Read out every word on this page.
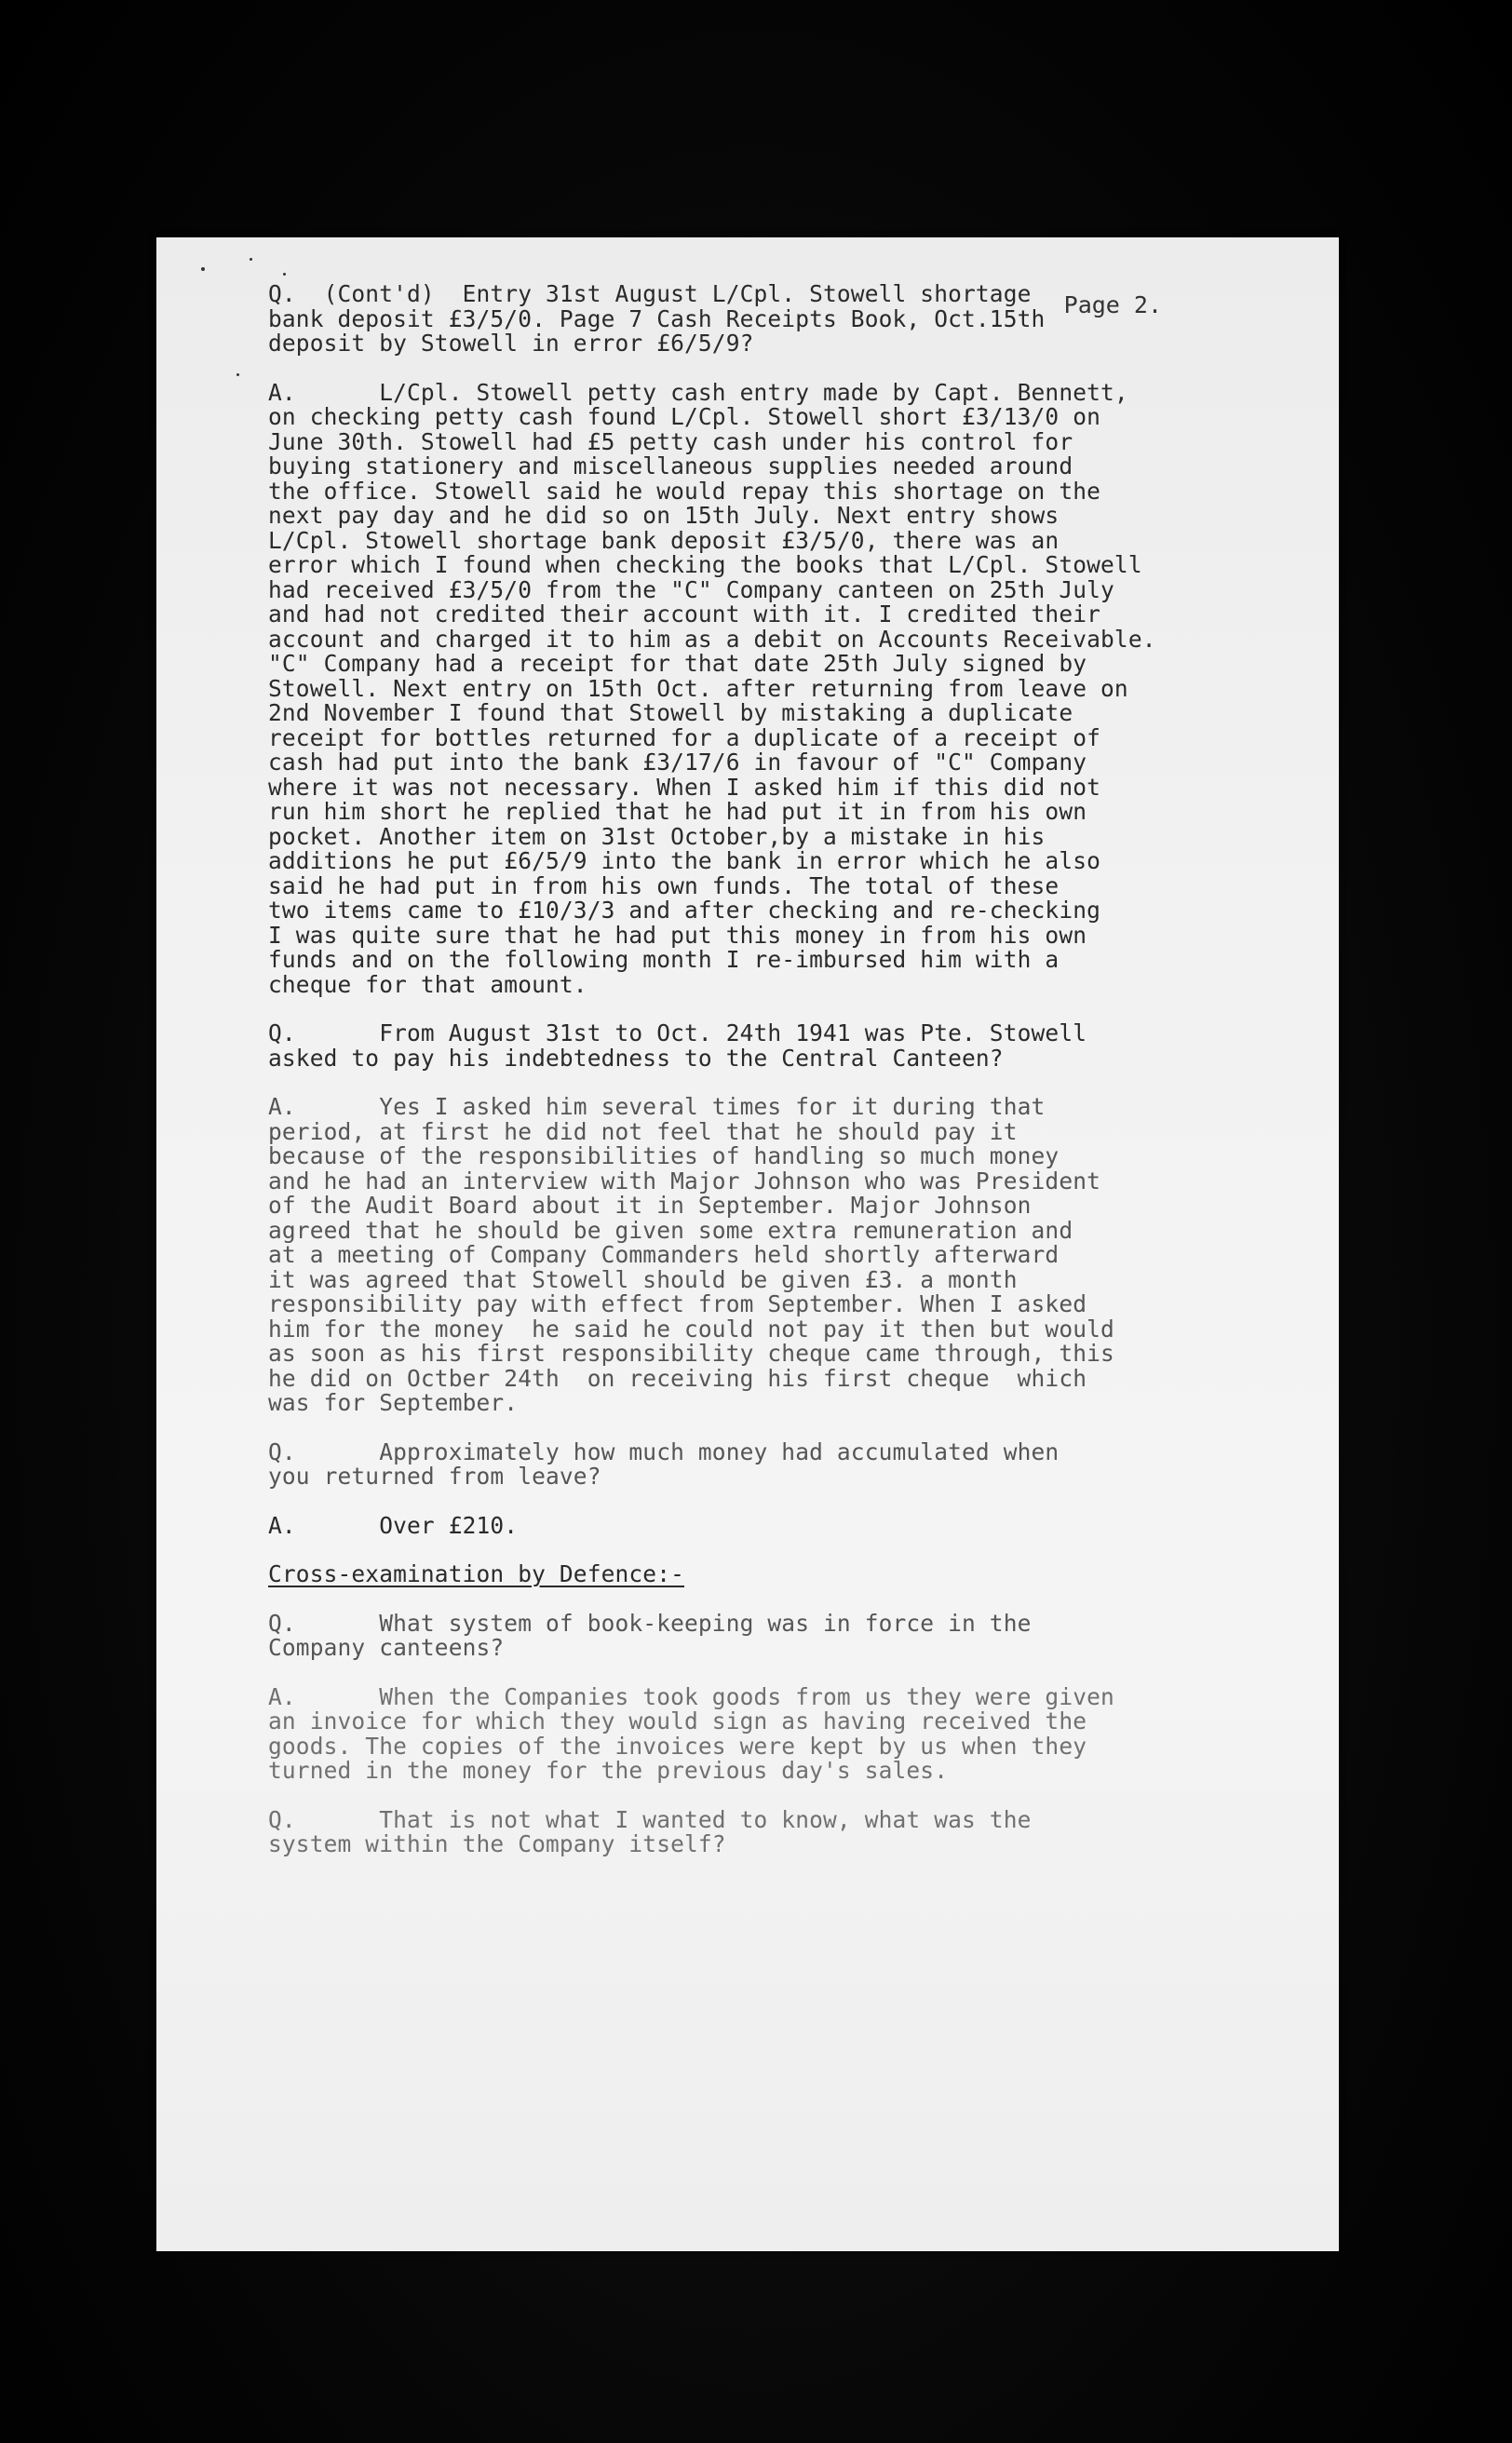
Page 2.
Q.  (Cont'd)  Entry 31st August L/Cpl. Stowell shortage
bank deposit £3/5/0. Page 7 Cash Receipts Book, Oct.15th
deposit by Stowell in error £6/5/9?
A.      L/Cpl. Stowell petty cash entry made by Capt. Bennett,
on checking petty cash found L/Cpl. Stowell short £3/13/0 on
June 30th. Stowell had £5 petty cash under his control for
buying stationery and miscellaneous supplies needed around
the office. Stowell said he would repay this shortage on the
next pay day and he did so on 15th July. Next entry shows
L/Cpl. Stowell shortage bank deposit £3/5/0, there was an
error which I found when checking the books that L/Cpl. Stowell
had received £3/5/0 from the "C" Company canteen on 25th July
and had not credited their account with it. I credited their
account and charged it to him as a debit on Accounts Receivable.
"C" Company had a receipt for that date 25th July signed by
Stowell. Next entry on 15th Oct. after returning from leave on
2nd November I found that Stowell by mistaking a duplicate
receipt for bottles returned for a duplicate of a receipt of
cash had put into the bank £3/17/6 in favour of "C" Company
where it was not necessary. When I asked him if this did not
run him short he replied that he had put it in from his own
pocket. Another item on 31st October,by a mistake in his
additions he put £6/5/9 into the bank in error which he also
said he had put in from his own funds. The total of these
two items came to £10/3/3 and after checking and re-checking
I was quite sure that he had put this money in from his own
funds and on the following month I re-imbursed him with a
cheque for that amount.
Q.      From August 31st to Oct. 24th 1941 was Pte. Stowell
asked to pay his indebtedness to the Central Canteen?
A.      Yes I asked him several times for it during that
period, at first he did not feel that he should pay it
because of the responsibilities of handling so much money
and he had an interview with Major Johnson who was President
of the Audit Board about it in September. Major Johnson
agreed that he should be given some extra remuneration and
at a meeting of Company Commanders held shortly afterward
it was agreed that Stowell should be given £3. a month
responsibility pay with effect from September. When I asked
him for the money  he said he could not pay it then but would
as soon as his first responsibility cheque came through, this
he did on Octber 24th  on receiving his first cheque  which
was for September.
Q.      Approximately how much money had accumulated when
you returned from leave?
A.      Over £210.
Cross-examination by Defence:-
Q.      What system of book-keeping was in force in the
Company canteens?
A.      When the Companies took goods from us they were given
an invoice for which they would sign as having received the
goods. The copies of the invoices were kept by us when they
turned in the money for the previous day's sales.
Q.      That is not what I wanted to know, what was the
system within the Company itself?
